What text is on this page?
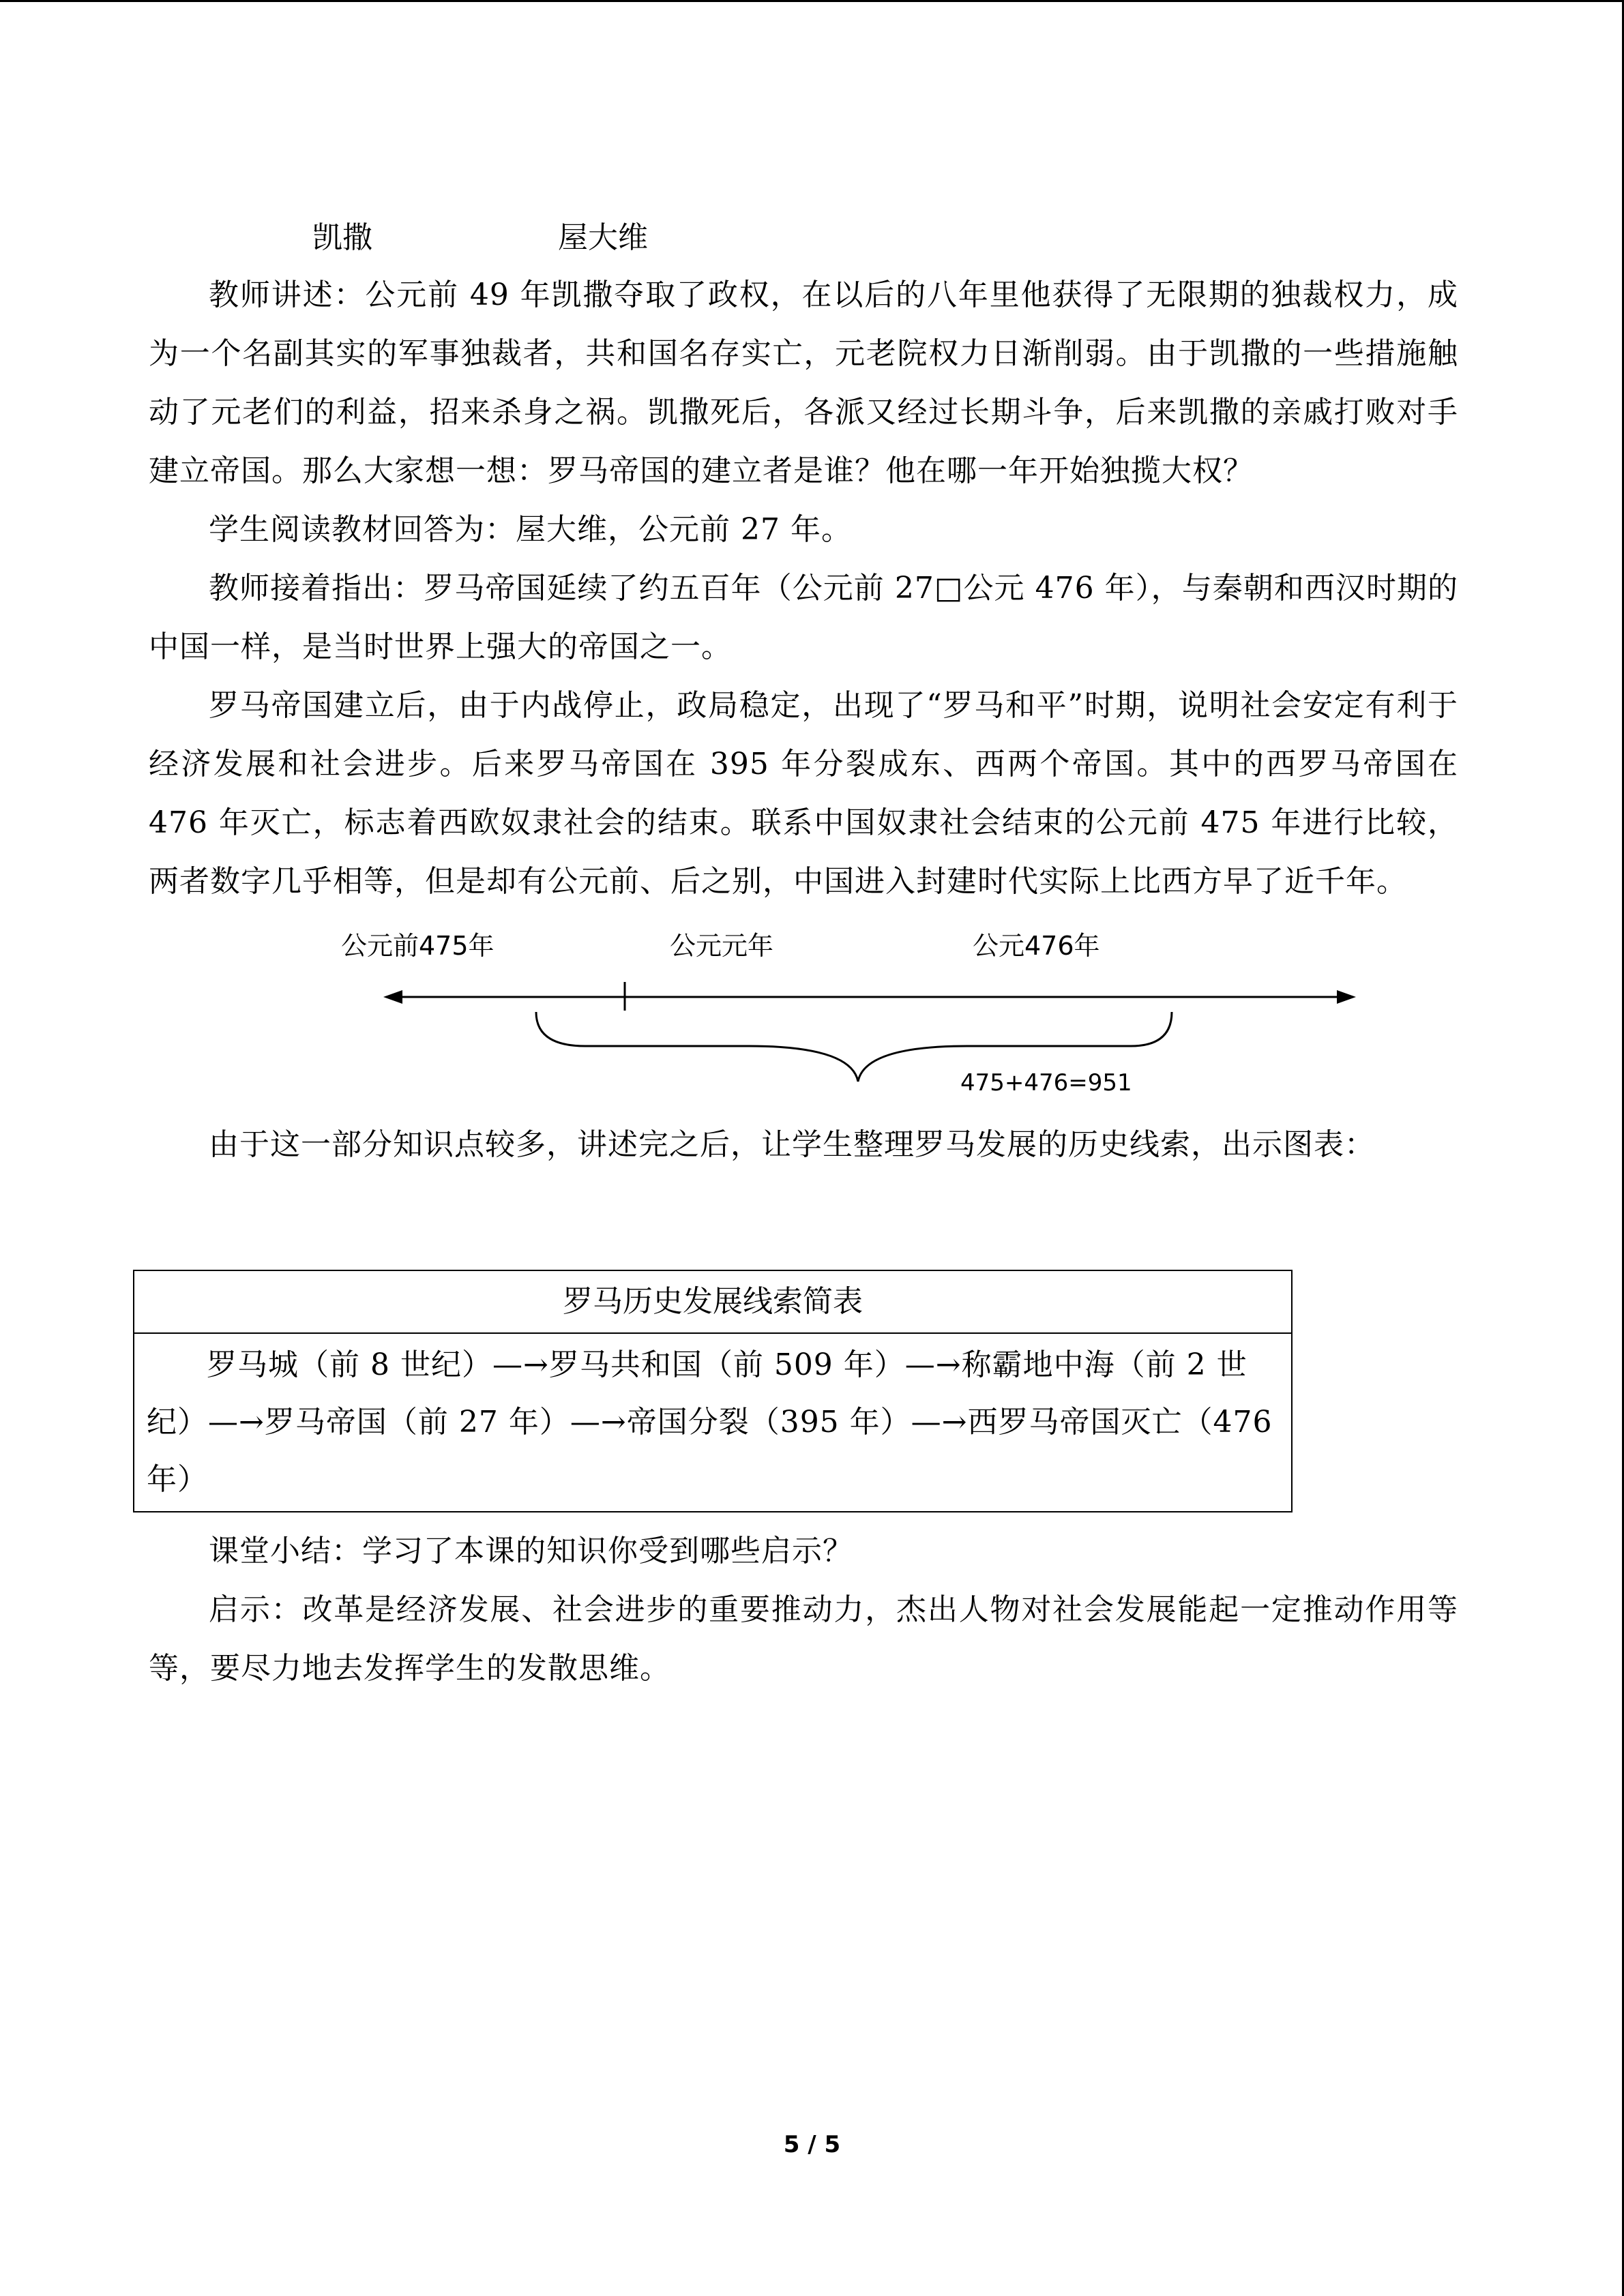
凯撒	屋大维

教师讲述：公元前 49 年凯撒夺取了政权，在以后的八年里他获得了无限期的独裁权力，成为一个名副其实的军事独裁者，共和国名存实亡，元老院权力日渐削弱。由于凯撒的一些措施触动了元老们的利益，招来杀身之祸。凯撒死后，各派又经过长期斗争，后来凯撒的亲戚打败对手建立帝国。那么大家想一想：罗马帝国的建立者是谁？他在哪一年开始独揽大权？

学生阅读教材回答为：屋大维，公元前 27 年。

教师接着指出：罗马帝国延续了约五百年（公元前 27□公元 476 年），与秦朝和西汉时期的中国一样，是当时世界上强大的帝国之一。

罗马帝国建立后，由于内战停止，政局稳定，出现了“罗马和平”时期，说明社会安定有利于经济发展和社会进步。后来罗马帝国在 395 年分裂成东、西两个帝国。其中的西罗马帝国在 476 年灭亡，标志着西欧奴隶社会的结束。联系中国奴隶社会结束的公元前 475 年进行比较，两者数字几乎相等，但是却有公元前、后之别，中国进入封建时代实际上比西方早了近千年。

公元前475年	公元元年	公元476年
475+476=951

由于这一部分知识点较多，讲述完之后，让学生整理罗马发展的历史线索，出示图表：

罗马历史发展线索简表
罗马城（前 8 世纪）—→罗马共和国（前 509 年）—→称霸地中海（前 2 世纪）—→罗马帝国（前 27 年）—→帝国分裂（395 年）—→西罗马帝国灭亡（476 年）

课堂小结：学习了本课的知识你受到哪些启示？

启示：改革是经济发展、社会进步的重要推动力，杰出人物对社会发展能起一定推动作用等等，要尽力地去发挥学生的发散思维。

5 / 5
